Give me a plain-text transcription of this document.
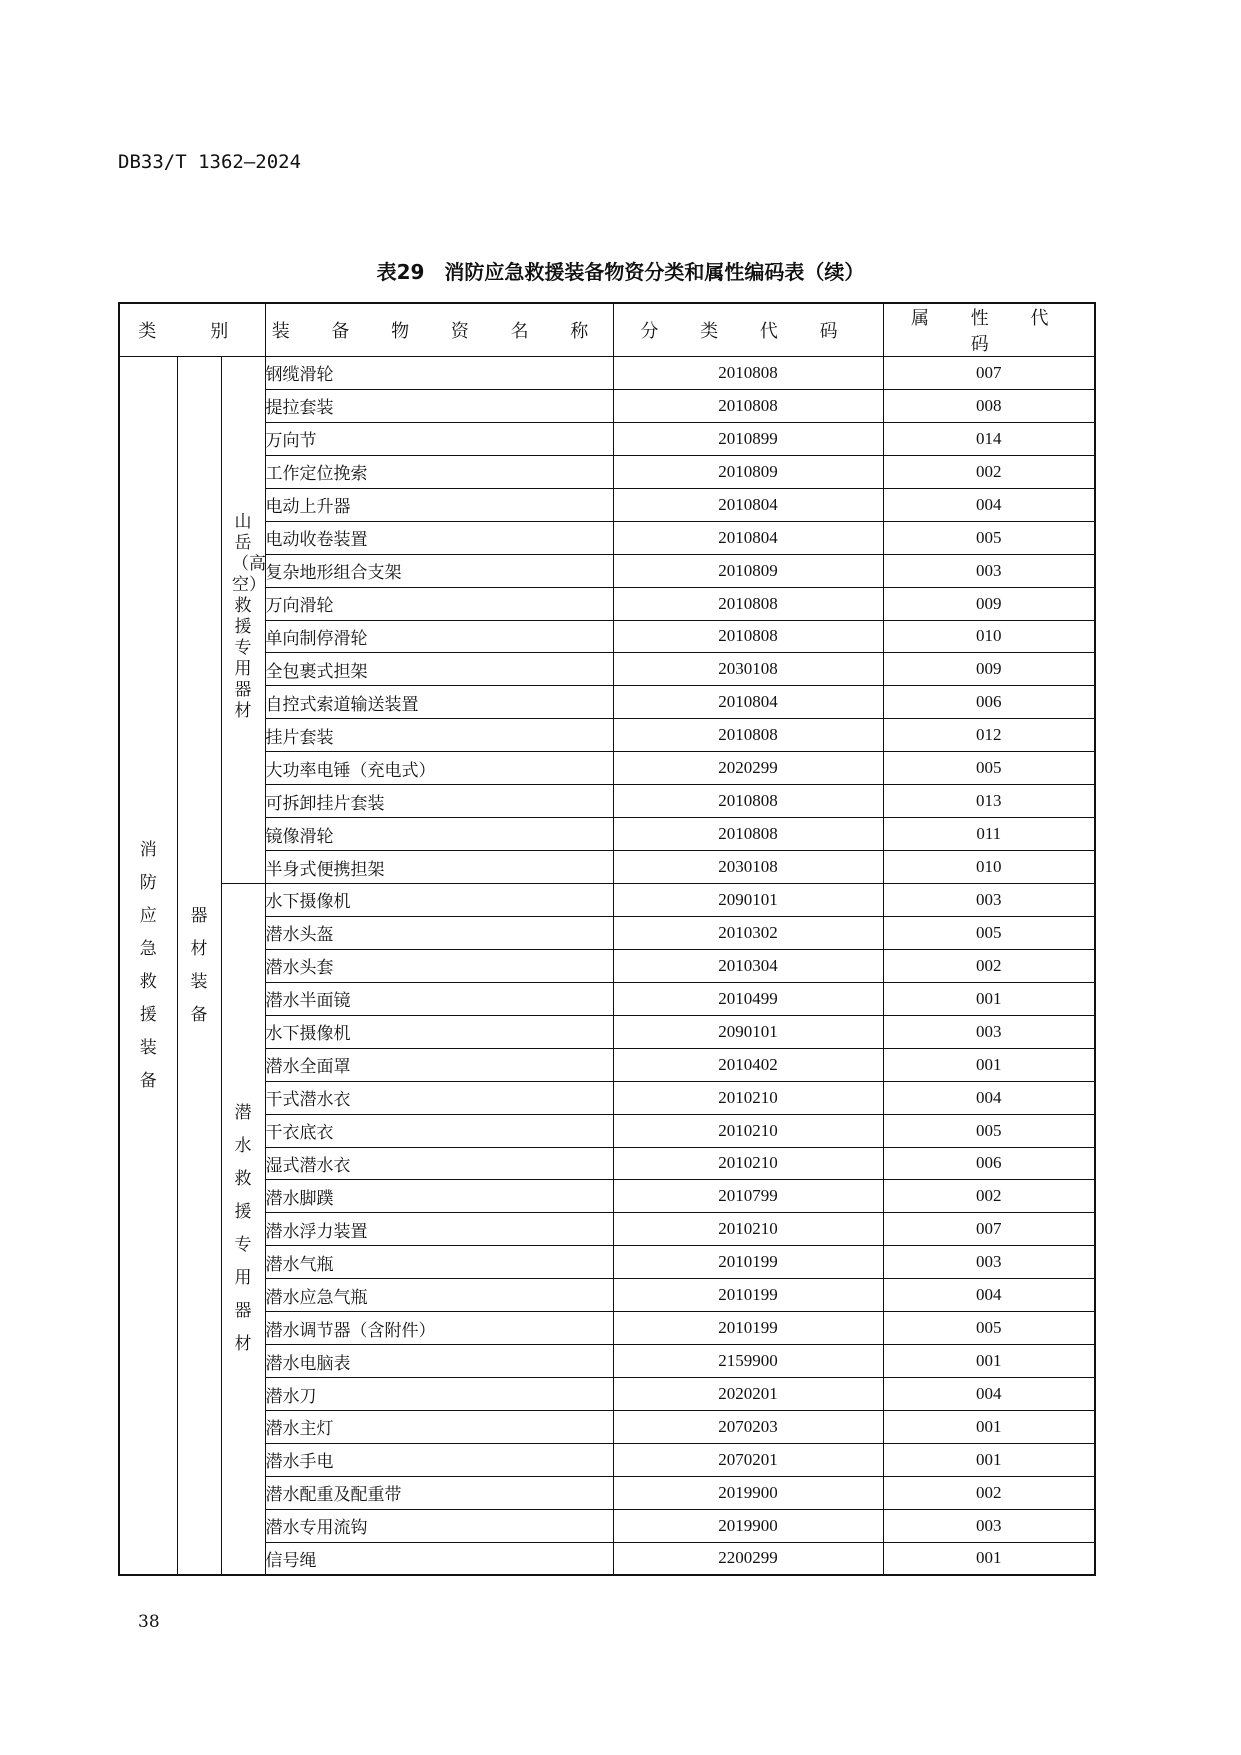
DB33/T 1362—2024
表29　消防应急救援装备物资分类和属性编码表（续）
类　别			装 备 物 资 名 称	分 类 代 码	属 性 代 码
消防应急救援装备	器材装备	山岳（高空）救援专用器材	钢缆滑轮	2010808	007
			提拉套装	2010808	008
			万向节	2010899	014
			工作定位挽索	2010809	002
			电动上升器	2010804	004
			电动收卷装置	2010804	005
			复杂地形组合支架	2010809	003
			万向滑轮	2010808	009
			单向制停滑轮	2010808	010
			全包裹式担架	2030108	009
			自控式索道输送装置	2010804	006
			挂片套装	2010808	012
			大功率电锤（充电式）	2020299	005
			可拆卸挂片套装	2010808	013
			镜像滑轮	2010808	011
			半身式便携担架	2030108	010
		潜水救援专用器材	水下摄像机	2090101	003
			潜水头盔	2010302	005
			潜水头套	2010304	002
			潜水半面镜	2010499	001
			水下摄像机	2090101	003
			潜水全面罩	2010402	001
			干式潜水衣	2010210	004
			干衣底衣	2010210	005
			湿式潜水衣	2010210	006
			潜水脚蹼	2010799	002
			潜水浮力装置	2010210	007
			潜水气瓶	2010199	003
			潜水应急气瓶	2010199	004
			潜水调节器（含附件）	2010199	005
			潜水电脑表	2159900	001
			潜水刀	2020201	004
			潜水主灯	2070203	001
			潜水手电	2070201	001
			潜水配重及配重带	2019900	002
			潜水专用流钩	2019900	003
			信号绳	2200299	001
38
